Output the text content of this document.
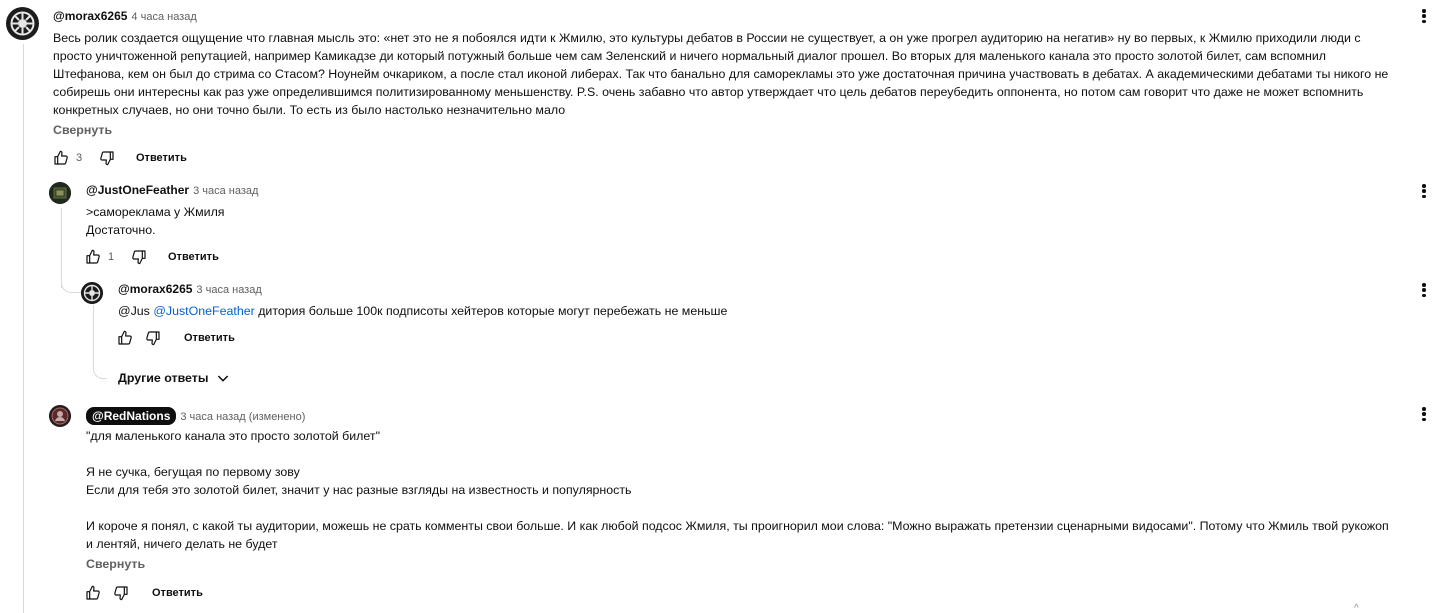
@morax6265 4 часа назад
Весь ролик создается ощущение что главная мысль это: «нет это не я побоялся идти к Жмилю, это культуры дебатов в России не существует, а он уже прогрел аудиторию на негатив» ну во первых, к Жмилю приходили люди с
просто уничтоженной репутацией, например Камикадзе ди который потужный больше чем сам Зеленский и ничего нормальный диалог прошел. Во вторых для маленького канала это просто золотой билет, сам вспомнил
Штефанова, кем он был до стрима со Стасом? Ноунейм очкариком, а после стал иконой либерах. Так что банально для саморекламы это уже достаточная причина участвовать в дебатах. А академическими дебатами ты никого не
собирешь они интересны как раз уже определившимся политизированному меньшенству. P.S. очень забавно что автор утверждает что цель дебатов переубедить оппонента, но потом сам говорит что даже не может вспомнить
конкретных случаев, но они точно были. То есть из было настолько незначительно мало
Свернуть
3	Ответить
@JustOneFeather 3 часа назад
>самореклама у Жмиля
Достаточно.
1	Ответить
@morax6265 3 часа назад
@Jus @JustOneFeather дитория больше 100к подписоты хейтеров которые могут перебежать не меньше
Ответить
Другие ответы
@RedNations 3 часа назад (изменено)
"для маленького канала это просто золотой билет"

Я не сучка, бегущая по первому зову
Если для тебя это золотой билет, значит у нас разные взгляды на известность и популярность

И короче я понял, с какой ты аудитории, можешь не срать комменты свои больше. И как любой подсос Жмиля, ты проигнорил мои слова: "Можно выражать претензии сценарными видосами". Потому что Жмиль твой рукожоп
и лентяй, ничего делать не будет
Свернуть
Ответить
^
